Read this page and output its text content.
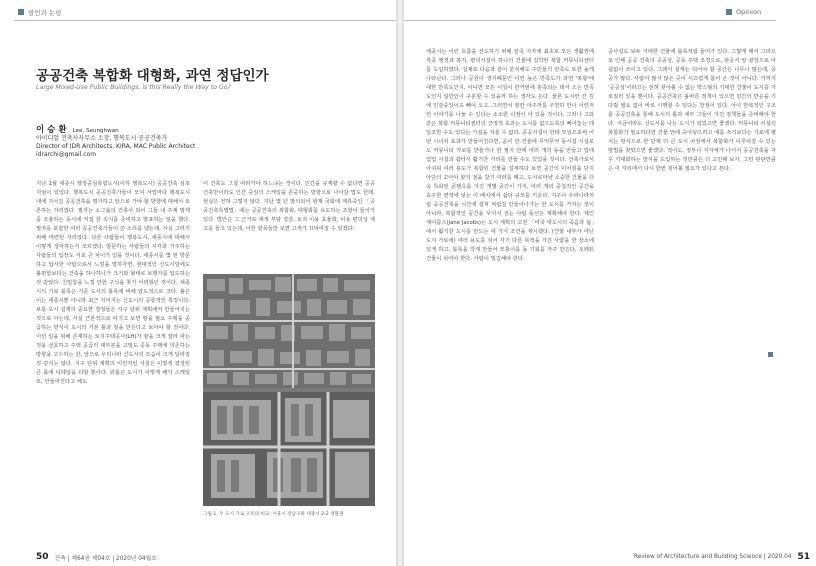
발언과 논평
공공건축 복합화 대형화, 과연 정답인가
Large Mixed-Use Public Buildings, is this Really the Way to Go?
이 승 환 Lee, Seunghwan
아이디알 건축사사무소 소장, 행복도시 공공건축가
Director of IDR Architects, KIRA, MAC Public Architect
idrarchi@gmail.com
지난 1월 세종시 행정중심복합도시(이하 행복도시) 공공건축 심포지엄이 있었다. 행복도시 공공건축가들이 모여 사업마다 행복도시 내에 지어진 공공건축을 평가하고 앞으로 가야 할 방향에 대해서 토론하는 자리였다. 필자는 소그룹의 건축사 되어 그들 내 주제 발제를 조율하는 동시에 직접 한 꼭지를 준비하고 발표하는 일을 했다. 필자를 포함한 여러 공공건축가들이 쓴 소리를 냈는데, 사실 그러기 위해 마련된 자리였다. 다른 사람들이 행복도시, 세종시에 대해서 이렇게 생각하는지 모르겠다. 방문하는 사람들의 시각과 거주하는 사람들의 입장도 서로 큰 차이가 있을 것이다. 세종시를 몇 번 방문하고 답사한 사람으로서 느낌을 말하자면, 현대적인 신도시임에도 불편함보다는 건축을 하나하나가 크기와 형태로 보행자를 압도하는 것 같았다. 친밀함을 느낄 만한 구석을 찾기 어려웠던 것이다. 세종시의 가로 블록은 기존 도시의 블록에 비해 압도적으로 크다. 불은 이는 세종시뿐 아니라 최근 지어지는 신도시의 공통적인 특징이다. 보통 도시 설계의 중요한 결정들은 지구 단위 계획에서 만들어지는 것으로 아는데, 사실 근본적으로 따지고 보면 땅을 필요 주택을 공급하는 방식이 도시의 기본 틀과 질을 만든다고 보아야 할 것이다. 이런 일을 위해 존재하는 토지주택공사(LH)가 땅을 크게 잘라 파는 것을 선호하고 주택 공급의 대부분을 고밀도 공동 주택에 의존하는 방향을 고수하는 한, 앞으로 우리나라 신도시의 모습이 크게 달라질 것 같지는 않다. 지구 단위 계획의 이런저런 지침은 이렇게 결정된 큰 틀에 디테일을 더할 뿐이다. 외롭은 도시가 이렇게 배가 스케일로, 만들어진다고 해도
이 건축도 그걸 따라가야 하느냐는 것이다. 민간을 규제할 수 없다면 공공건축만이라도 인간 중심의 스케일을 존중하는 방향으로 나아갈 법도 한데, 현실은 전혀 그렇지 않다. 지난 몇 년 발의되어 현재 국회에 계류중인 「공공건축특별법」에는 공공건축의 복합화, 대형화를 유도하는 조항이 들어가 있다. 법안은 그 근거로 재정 부담 경감, 토지 이용 효율화, 이용 편의성 제고를 들고 있는데, 이런 항목들만 보면 고개가 끄덕여질 수 있겠다.
그림 1. 두 도시 가로 구조의 비교: 서울시 강남구와 세종시 2-2 생활권
50 건축 | 제64권 제04호 | 2020년 04월호
Opinion
세종시는 이런 흐름을 선도하기 위해 전국 지자체 최초로 모든 생활권에 각종 행정과 복지, 편의시설이 하나의 건물에 집약된 복합 커뮤니티센터를 도입하였다. 실제로 다음과 같이 분석해도 주민들의 만족도 또한 높게 나타난다. 그러나 공원이 생기때문인 이런 높은 만족도가 과연 '복합'에 대한 만족도인지, 아니면 모든 시설이 한꺼번에 충족되는 데서 오는 만족도인지 일반인이 구분할 수 있을까 하는 생각도 든다. 물론 도시란 간 김에 민감중앙이도 빼어 오고, 그러면서 옆칸 아주까를 우연히 만나 이런저런 이야기를 나눌 수 있다는 소소한 이점이 아 있을 것이다. 그러나 그와 같은 복합 커뮤니티센터의 긍정적 효과는 도시를 없으도록의 뻐어놓는 데 일조한 수도 있다는 가설을 지울 수 없다. 공공시설이 한데 모임으로써 어떤 시너지 효과가 만들어진다면, 곧이 한 건물에 무엇무엇 동시설 시설로도 커뮤니티 가로를 만들거나 한 필지 안에 여러 개의 동을 만들고 업태 업업 시설과 쉼터서 활기찬 거리를 만들 수도 있었을 것이다. 건축가로서 아쉬워 여러 용도가 복합된 건물을 설계하다 보면 공간의 이어짐을 단지 아단의 꼬아야 할지 점을 갈기 여러를 때고, 도시로마냥 소중한 건물을 더욱 특화된 콘텐츠를 가진 개별 공간이 가지, 여러 개의 중첩적인 공간을 효구한 면적에 넣는 이 배치에서 쉽다 규모를 키운다. 지구나 우리나라처럼 공공건축을 시간에 걸쳐 져럼걸 만들어나가는 한 도시를 가지는 것이 아니라, 복합적인 공간을 꾸어서 걷는 사람 동선은 계획해야 한다. 제인 제이콥스(Jane Jacobs)는 도시 계획의 고전 「미국 대도시의 죽음과 삶」에서 활기찬 도시를 만드는 네 가지 조건을 제시했다. (건물 내부가 아닌 도시 가로에) 여러 용도를 섞어 각기 다른 목적을 가진 사람을 한 장소에 있게 하고, 블록을 작게 만들어 모퉁이를 돌 기회를 자주 만든다, 오래된 건물이 섞여야 한다, 사람이 밀집해야 한다.
공사설도 보두 거대한 건물에 블록처럼 들어가 있다. 그렇게 해서 그러므로 인해 공공 건축의 공공성, 공동 주택 조경으로, 관공서 앞 광장으로 아쉽없이 쓰이고 있다. 그래서 설계는 되어야 할 공간은 나무나 많은데, 공공가 많다. 사람이 많지 않은 곳이 시끄럽게 봄이 온 것이 아니다. 가까지 '공공성'이라고는 전혀 찾아볼 수 없는 박스형의 거대한 건물이 도시를 가로질러 있을 뿐이다. 공공건축은 올바른 정책이 있으면 민간의 반응을 기다릴 필요 없이 바로 시행할 수 있다는 장점이 있다. 아이 반복적인 구조를 공공건축을 통해 도시의 틀과 세부 그들이 가진 정책들을 준비해야 한다. 지금이라도 신도시를 나는 도시가 되었으면 좋겠다. 커뮤니티 시설의 복합화가 필요하다면 건물 안에 숙여넣으려고 애를 쓰기보다는 가로에 펼치는 방식으로 한 단계 더 큰 도시 차원에서 복합화가 이루어질 수 있는 방법을 찾았으면 좋겠다. 적어도, 정부나 지자체가 나서서 공공건축을 자꾸 거대화하는 방식을 도입하는 것만큼은 더 고민해 보자. 그런 판단만큼은 이 자리에서 다시 한번 짚어볼 필요가 있다고 본다.
Review of Architecture and Building Science | 2020.04 51
